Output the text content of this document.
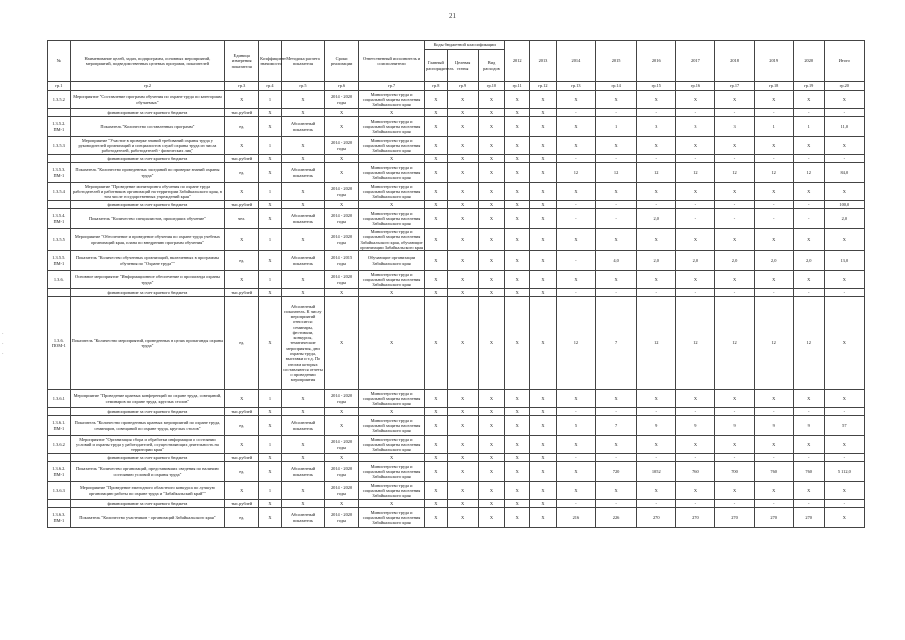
21
·
·
·
№	Наименование целей, задач, подпрограмм, основных мероприятий, мероприятий, подведомственных целевых программ, показателей	Единица измерения показателя	Коэффициент значимости	Методика расчета показателя	Сроки реализации	Ответственный исполнитель и соисполнители	Коды бюджетной классификации			2012	2013	2014	2015	2016	2017	2018	2019	2020	Итого
							Главный распорядитель	Целевая статья	Вид расходов										
гр.1	гр.2	гр.3	гр.4	гр.5	гр.6	гр.7	гр.8	гр.9	гр.10	гр.11	гр.12	гр.13	гр.14	гр.15	гр.16	гр.17	гр.18	гр.19	гр.20
1.3.5.2	Мероприятие "Составление программ обучения по охране труда по категориям обучаемых"	Х	1	Х	2014 - 2020 годы	Министерство труда и социальной защиты населения Забайкальского края	Х	Х	Х	Х	Х	Х	Х	Х	Х	Х	Х	Х	Х
	финансирование за счет краевого бюджета	тыс.рублей	Х	Х	Х	Х	Х	Х	Х	Х	Х	-	-	-	-	-	-	-	-
1.3.5.2. ПМ-1	Показатель "Количество составленных программ"	ед.	Х	Абсолютный показатель	Х	Министерство труда и социальной защиты населения Забайкальского края	Х	Х	Х	Х	Х	Х	1	3	3	3	1	1	11,0
1.3.5.3	Мероприятие "Участие в проверке знаний требований охраны труда у руководителей организаций и специалистов служб охраны труда из числа работодателей, работодателей - физических лиц"	Х	1	Х	2014 - 2020 годы	Министерство труда и социальной защиты населения Забайкальского края	Х	Х	Х	Х	Х	Х	Х	Х	Х	Х	Х	Х	Х
	финансирование за счет краевого бюджета	тыс.рублей	Х	Х	Х	Х	Х	Х	Х	Х	Х	-	-	-	-	-	-	-	-
1.3.5.3. ПМ-1	Показатель "Количество проведенных заседаний по проверке знаний охраны труда"	ед.	Х	Абсолютный показатель	Х	Министерство труда и социальной защиты населения Забайкальского края	Х	Х	Х	Х	Х	12	12	12	12	12	12	12	84,0
1.3.5.4	Мероприятие "Проведение мониторинга обучения по охране труда работодателей и работников организаций на территории Забайкальского края, в том числе государственных учреждений края"	Х	1	Х	2014 - 2020 годы	Министерство труда и социальной защиты населения Забайкальского края	Х	Х	Х	Х	Х	Х	Х	Х	Х	Х	Х	Х	Х
	финансирование за счет краевого бюджета	тыс.рублей	Х	Х	Х	Х	Х	Х	Х	Х	Х	-	-	-	-	-	-	-	100,0
1.3.5.4. ПМ-1	Показатель "Количество специалистов, прошедших обучение"	чел.	Х	Абсолютный показатель	2014 - 2020 годы	Министерство труда и социальной защиты населения Забайкальского края	Х	Х	Х	Х	Х	-	-	2,0	-	-	-	-	2,0
1.3.5.5	Мероприятие "Обеспечение и проведение обучения по охране труда учебных организаций края, плана по внедрению программ обучения"	Х	1	Х	2014 - 2020 годы	Министерство труда и социальной защиты населения Забайкальского края, обучающие организации Забайкальского края	Х	Х	Х	Х	Х	Х	Х	Х	Х	Х	Х	Х	Х
1.3.5.5. ПМ-1	Показатель "Количество обученных организаций, включенных в программы обучения по "Охране труда""	ед.	Х	Абсолютный показатель	2014 - 2015 годы	Обучающие организации Забайкальского края	Х	Х	Х	Х	Х	-	4,0	2,0	2,0	2,0	2,0	2,0	13,0
1.3.6.	Основное мероприятие "Информационное обеспечение и пропаганда охраны труда"	Х	1	Х	2014 - 2020 годы	Министерство труда и социальной защиты населения Забайкальского края	Х	Х	Х	Х	Х	Х	Х	Х	Х	Х	Х	Х	Х
	финансирование за счет краевого бюджета	тыс.рублей	Х	Х	Х	Х	Х	Х	Х	Х	Х	-	-	-	-	-	-	-	-
1.3.6. ПОМ-1	Показатель "Количество мероприятий, проведенных в целях пропаганды охраны труда"	ед.	Х	Абсолютный показатель. К числу мероприятий относятся: семинары, фестивали, конкурсы, тематические мероприятия, дни охраны труда, выставки и т.д. По итогам которых составляются отчеты о проведении мероприятия	Х	Х	Х	Х	Х	Х	Х	12	7	12	12	12	12	12	Х
1.3.6.1	Мероприятие "Проведение краевых конференций по охране труда, совещаний, семинаров по охране труда, круглых столов"	Х	1	Х	2014 - 2020 годы	Министерство труда и социальной защиты населения Забайкальского края	Х	Х	Х	Х	Х	Х	Х	Х	Х	Х	Х	Х	Х
	финансирование за счет краевого бюджета	тыс.рублей	Х	Х	Х	Х	Х	Х	Х	Х	Х	-	-	-	-	-	-	-	-
1.3.6.1. ПМ-1	Показатель "Количество проведенных краевых мероприятий по охране труда, семинаров, совещаний по охране труда, круглых столов"	ед.	Х	Абсолютный показатель	Х	Министерство труда и социальной защиты населения Забайкальского края	Х	Х	Х	Х	Х	5	7	9	9	9	9	9	57
1.3.6.2	Мероприятие "Организация сбора и обработки информации о состоянии условий и охраны труда у работодателей, осуществляющих деятельность на территории края"	Х	1	Х	2014 - 2020 годы	Министерство труда и социальной защиты населения Забайкальского края	Х	Х	Х	Х	Х	Х	Х	Х	Х	Х	Х	Х	Х
	финансирование за счет краевого бюджета	тыс.рублей	Х	Х	Х	Х	Х	Х	Х	Х	Х	-	-	-	-	-	-	-	-
1.3.6.2. ПМ-1	Показатель "Количество организаций, представивших сведения по наличию состоянию условий и охраны труда"	ед.	Х	Абсолютный показатель	2014 - 2020 годы	Министерство труда и социальной защиты населения Забайкальского края	Х	Х	Х	Х	Х	Х	720	1052	760	700	760	760	5 112,0
1.3.6.3	Мероприятие "Проведение ежегодного областного конкурса по лучшую организацию работы по охране труда и "Забайкальский край""	Х	1	Х	2014 - 2020 годы	Министерство труда и социальной защиты населения Забайкальского края	Х	Х	Х	Х	Х	Х	Х	Х	Х	Х	Х	Х	Х
	финансирование за счет краевого бюджета	тыс.рублей	Х	Х	Х	Х	Х	Х	Х	Х	Х	-	-	-	-	-	-	-	-
1.3.6.3. ПМ-1	Показатель "Количество участников - организаций Забайкальского края"	ед.	Х	Абсолютный показатель	2014 - 2020 годы	Министерство труда и социальной защиты населения Забайкальского края	Х	Х	Х	Х	Х	216	226	270	270	270	270	270	Х
